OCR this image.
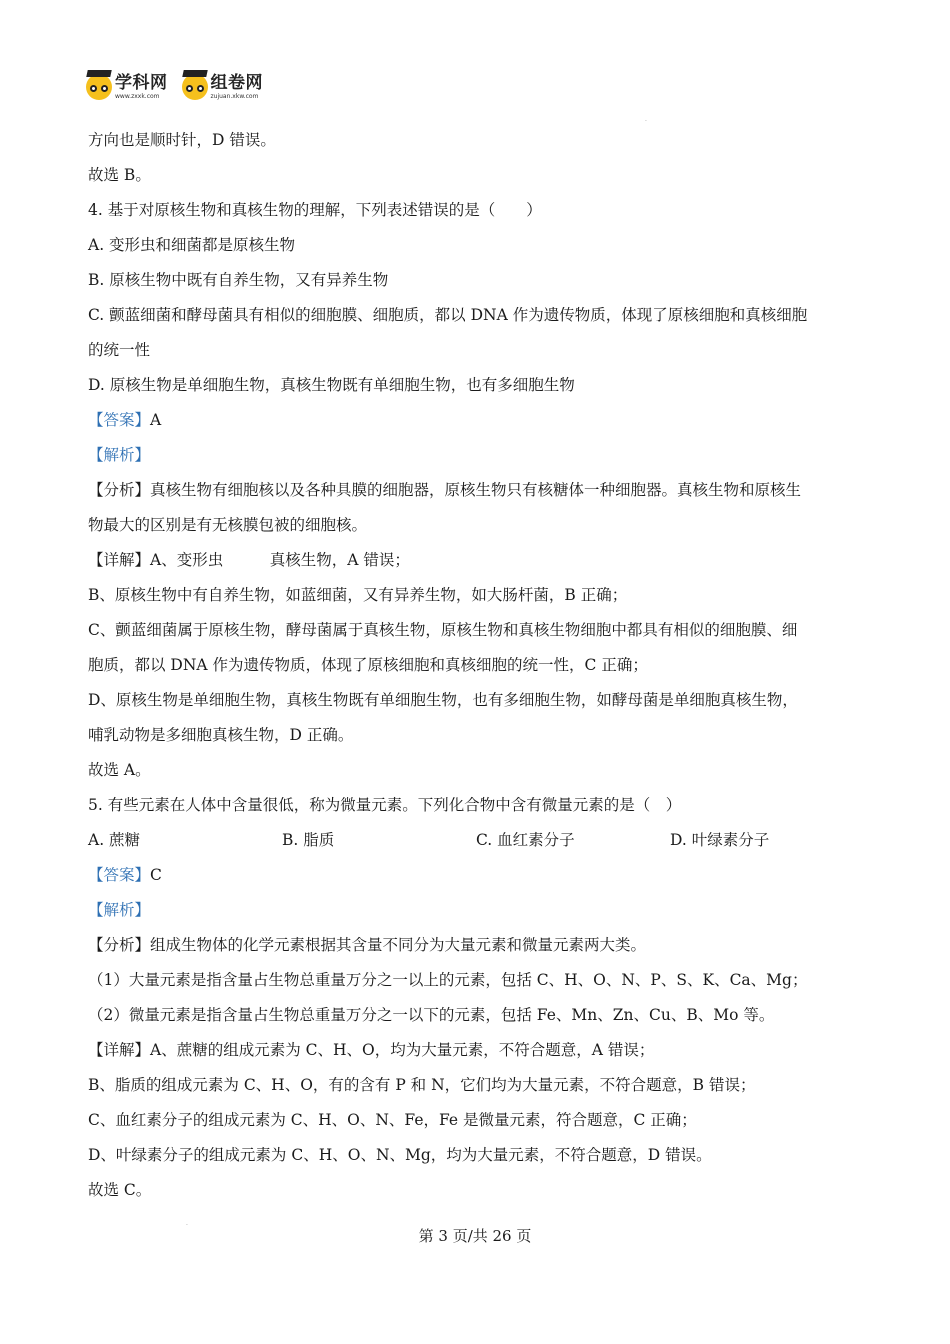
学科网
www.zxxk.com
组卷网
zujuan.xkw.com
.
方向也是顺时针，D 错误。
故选 B。
4. 基于对原核生物和真核生物的理解，下列表述错误的是（　　）
A. 变形虫和细菌都是原核生物
B. 原核生物中既有自养生物，又有异养生物
C. 颤蓝细菌和酵母菌具有相似的细胞膜、细胞质，都以 DNA 作为遗传物质，体现了原核细胞和真核细胞
的统一性
D. 原核生物是单细胞生物，真核生物既有单细胞生物，也有多细胞生物
【答案】A
【解析】
【分析】真核生物有细胞核以及各种具膜的细胞器，原核生物只有核糖体一种细胞器。真核生物和原核生
物最大的区别是有无核膜包被的细胞核。
【详解】A、变形虫　　　真核生物，A 错误；
B、原核生物中有自养生物，如蓝细菌，又有异养生物，如大肠杆菌，B 正确；
C、颤蓝细菌属于原核生物，酵母菌属于真核生物，原核生物和真核生物细胞中都具有相似的细胞膜、细
胞质，都以 DNA 作为遗传物质，体现了原核细胞和真核细胞的统一性，C 正确；
D、原核生物是单细胞生物，真核生物既有单细胞生物，也有多细胞生物，如酵母菌是单细胞真核生物，
哺乳动物是多细胞真核生物，D 正确。
故选 A。
5. 有些元素在人体中含量很低，称为微量元素。下列化合物中含有微量元素的是（　）
A. 蔗糖	B. 脂质	C. 血红素分子	D. 叶绿素分子
【答案】C
【解析】
【分析】组成生物体的化学元素根据其含量不同分为大量元素和微量元素两大类。
（1）大量元素是指含量占生物总重量万分之一以上的元素，包括 C、H、O、N、P、S、K、Ca、Mg；
（2）微量元素是指含量占生物总重量万分之一以下的元素，包括 Fe、Mn、Zn、Cu、B、Mo 等。
【详解】A、蔗糖的组成元素为 C、H、O，均为大量元素，不符合题意，A 错误；
B、脂质的组成元素为 C、H、O，有的含有 P 和 N，它们均为大量元素，不符合题意，B 错误；
C、血红素分子的组成元素为 C、H、O、N、Fe，Fe 是微量元素，符合题意，C 正确；
D、叶绿素分子的组成元素为 C、H、O、N、Mg，均为大量元素，不符合题意，D 错误。
故选 C。
.
第 3 页/共 26 页
